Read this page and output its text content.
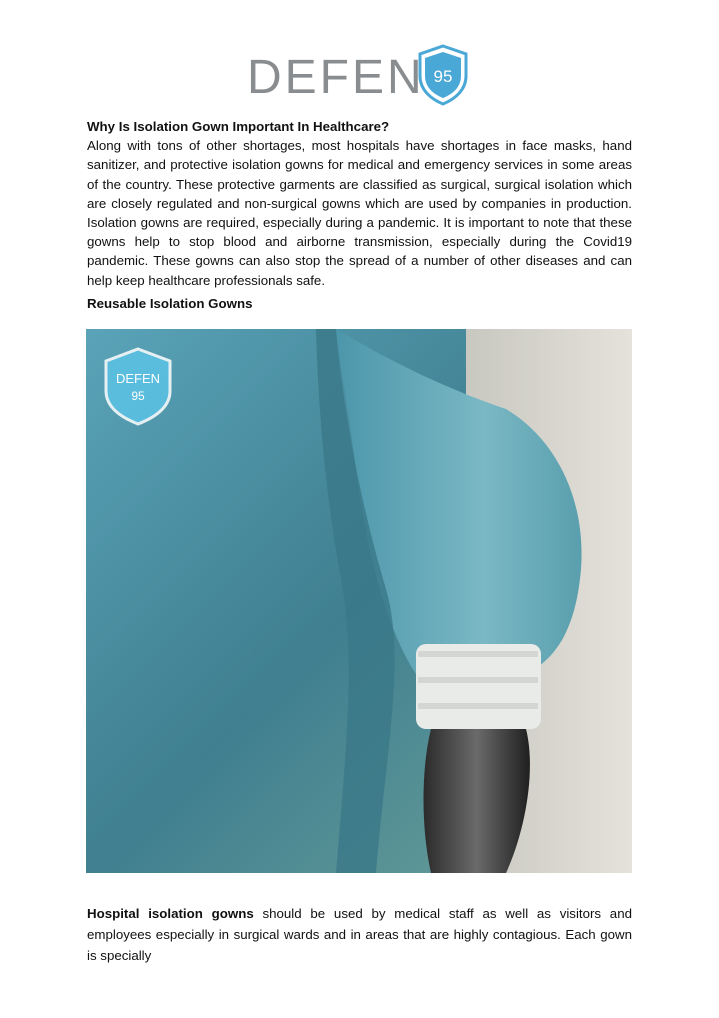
DEFEN 95
Why Is Isolation Gown Important In Healthcare?

Along with tons of other shortages, most hospitals have shortages in face masks, hand sanitizer, and protective isolation gowns for medical and emergency services in some areas of the country. These protective garments are classified as surgical, surgical isolation which are closely regulated and non-surgical gowns which are used by companies in production. Isolation gowns are required, especially during a pandemic. It is important to note that these gowns help to stop blood and airborne transmission, especially during the Covid19 pandemic. These gowns can also stop the spread of a number of other diseases and can help keep healthcare professionals safe.

Reusable Isolation Gowns
DEFEN
95

Hospital isolation gowns should be used by medical staff as well as visitors and employees especially in surgical wards and in areas that are highly contagious. Each gown is specially
